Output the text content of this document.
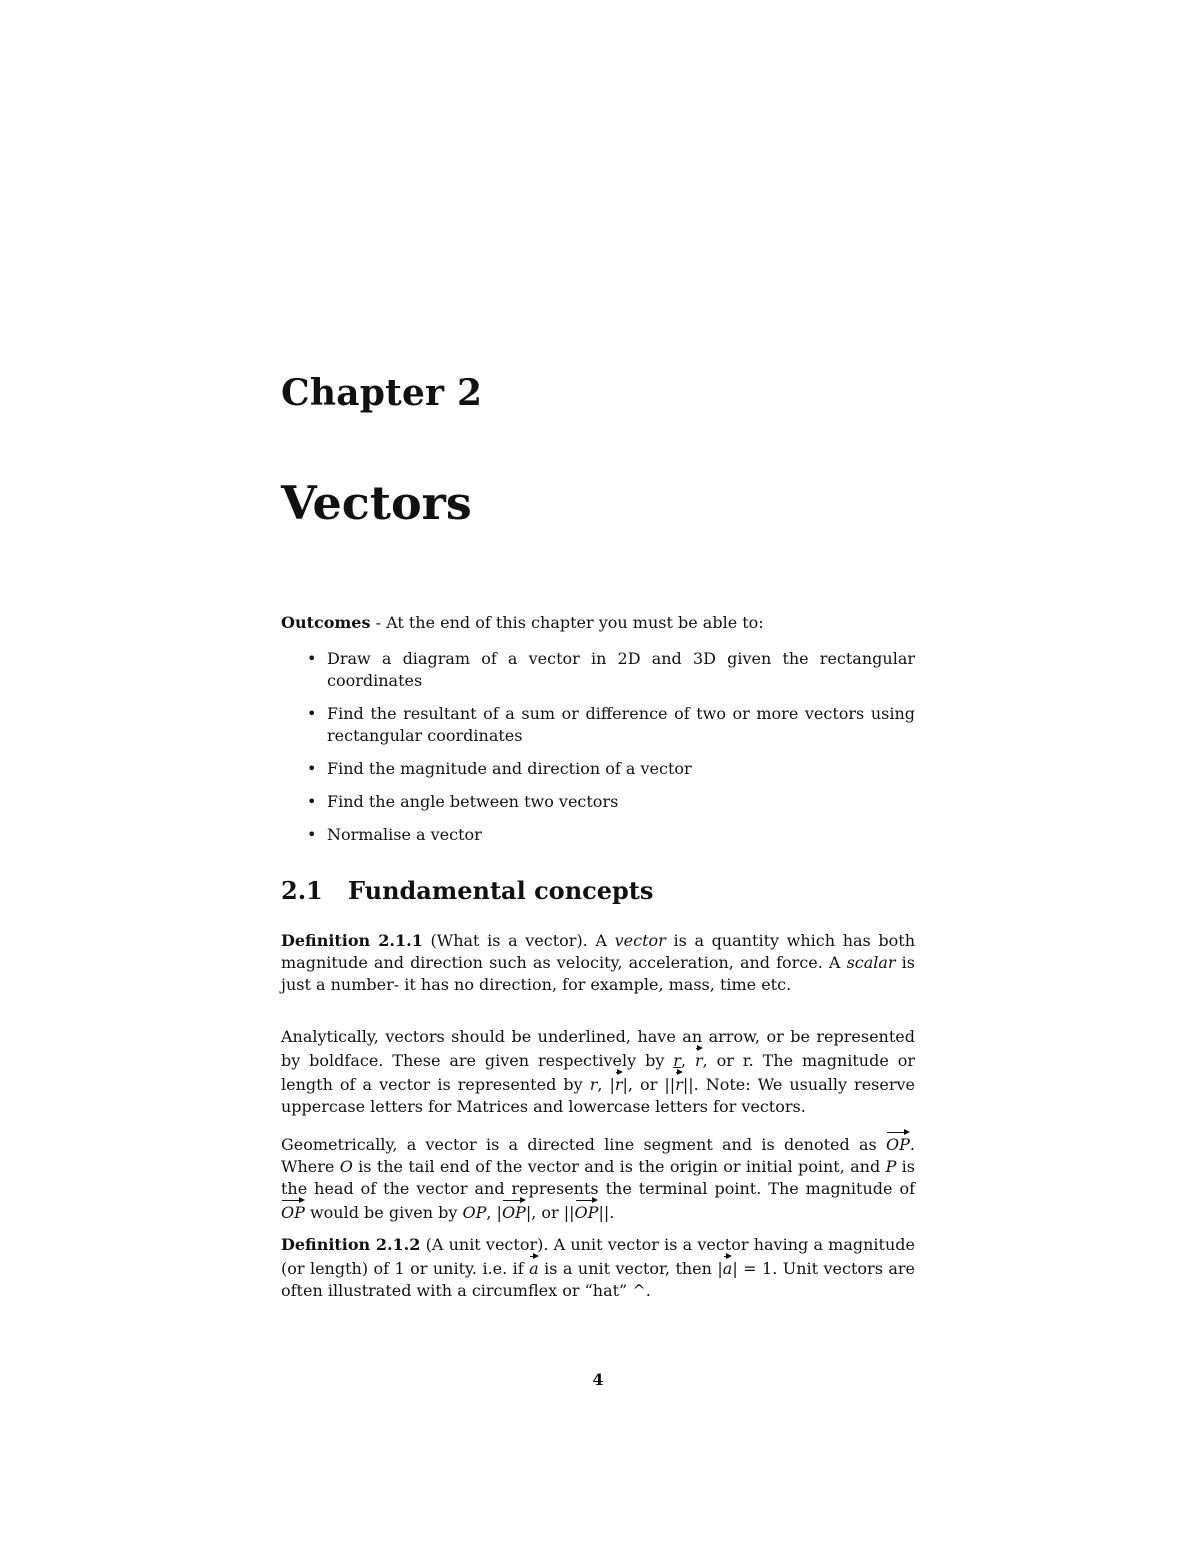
Chapter 2
Vectors

Outcomes - At the end of this chapter you must be able to:

• Draw a diagram of a vector in 2D and 3D given the rectangular coordinates
• Find the resultant of a sum or difference of two or more vectors using rectangular coordinates
• Find the magnitude and direction of a vector
• Find the angle between two vectors
• Normalise a vector
2.1 Fundamental concepts

Definition 2.1.1 (What is a vector). A vector is a quantity which has both magnitude and direction such as velocity, acceleration, and force. A scalar is just a number- it has no direction, for example, mass, time etc.

Analytically, vectors should be underlined, have an arrow, or be represented by boldface. These are given respectively by r, r, or r. The magnitude or length of a vector is represented by r, |r|, or ||r||. Note: We usually reserve uppercase letters for Matrices and lowercase letters for vectors.

Geometrically, a vector is a directed line segment and is denoted as OP. Where O is the tail end of the vector and is the origin or initial point, and P is the head of the vector and represents the terminal point. The magnitude of OP would be given by OP, |OP|, or ||OP||.

Definition 2.1.2 (A unit vector). A unit vector is a vector having a magnitude (or length) of 1 or unity. i.e. if a is a unit vector, then |a| = 1. Unit vectors are often illustrated with a circumflex or “hat” ^.

4
